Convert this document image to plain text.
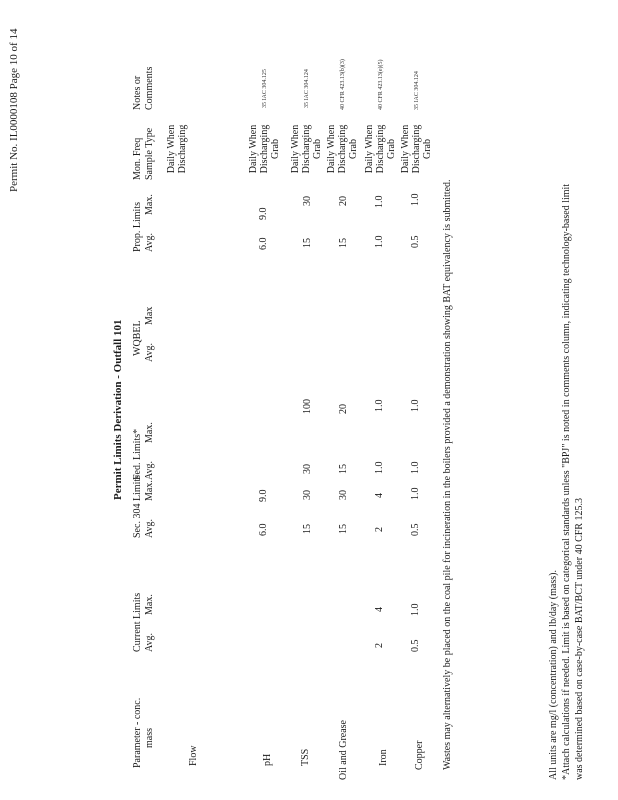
Permit No. IL0000108 Page 10 of 14
Permit Limits Derivation - Outfall 101
Parameter - conc. mass
Current Limits Avg.Max.
Sec. 304 Limits Avg.Max.
Fed. Limits* Avg.Max.
WQBEL Avg.Max
Prop. Limits Avg.Max.
Mon. Freq Sample Type
Notes or Comments
Flow
Daily When Discharging
pH
6.0
9.0
6.0
9.0
Daily When Discharging Grab
35 IAC 304.125
TSS
15
30
30
100
15
30
Daily When Discharging Grab
35 IAC 304.124
Oil and Grease
15
30
15
20
15
20
Daily When Discharging Grab
40 CFR 423.13(b)(3)
Iron
2
4
2
4
1.0
1.0
1.0
1.0
Daily When Discharging Grab
40 CFR 423.13(e)(5)
Copper
0.5
1.0
0.5
1.0
1.0
1.0
0.5
1.0
Daily When Discharging Grab
35 IAC 304.124
Wastes may alternatively be placed on the coal pile for incineration in the boilers provided a demonstration showing BAT equivalency is submitted.	All units are mg/l (concentration) and lb/day (mass). *Attach calculations if needed. Limit is based on categorical standards unless "BPJ" is noted in comments column, indicating technology-based limit was determined based on case-by-case BAT/BCT under 40 CFR 125.3
